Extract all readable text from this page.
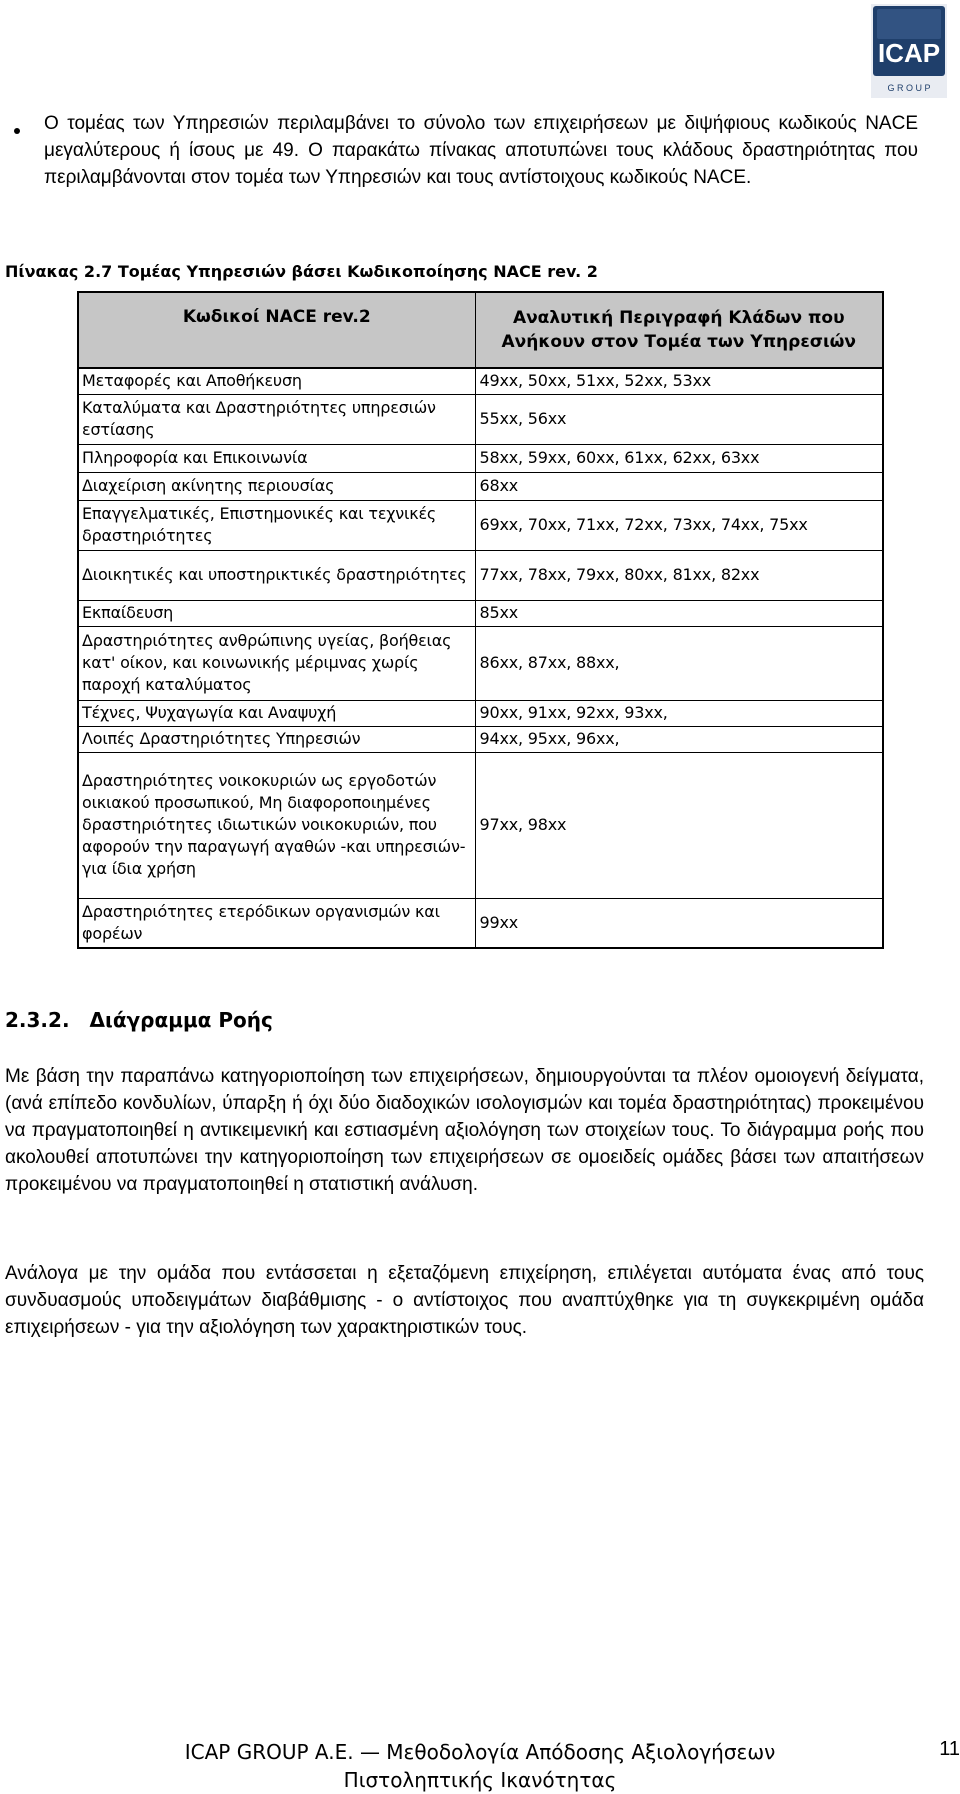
ICAP
G R O U P

Ο τομέας των Υπηρεσιών περιλαμβάνει το σύνολο των επιχειρήσεων με διψήφιους κωδικούς NACE μεγαλύτερους ή ίσους με 49. Ο παρακάτω πίνακας αποτυπώνει τους κλάδους δραστηριότητας που περιλαμβάνονται στον τομέα των Υπηρεσιών και τους αντίστοιχους κωδικούς NACE.

Πίνακας 2.7 Τομέας Υπηρεσιών βάσει Κωδικοποίησης NACE rev. 2
Κωδικοί NACE rev.2	Αναλυτική Περιγραφή Κλάδων που Ανήκουν στον Τομέα των Υπηρεσιών
Μεταφορές και Αποθήκευση	49xx, 50xx, 51xx, 52xx, 53xx
Καταλύματα και Δραστηριότητες υπηρεσιών εστίασης	55xx, 56xx
Πληροφορία και Επικοινωνία	58xx, 59xx, 60xx, 61xx, 62xx, 63xx
Διαχείριση ακίνητης περιουσίας	68xx
Επαγγελματικές, Επιστημονικές και τεχνικές δραστηριότητες	69xx, 70xx, 71xx, 72xx, 73xx, 74xx, 75xx
Διοικητικές και υποστηρικτικές δραστηριότητες	77xx, 78xx, 79xx, 80xx, 81xx, 82xx
Εκπαίδευση	85xx
Δραστηριότητες ανθρώπινης υγείας, βοήθειας κατ' οίκον, και κοινωνικής μέριμνας χωρίς παροχή καταλύματος	86xx, 87xx, 88xx,
Τέχνες, Ψυχαγωγία και Αναψυχή	90xx, 91xx, 92xx, 93xx,
Λοιπές Δραστηριότητες Υπηρεσιών	94xx, 95xx, 96xx,
Δραστηριότητες νοικοκυριών ως εργοδοτών οικιακού προσωπικού, Μη διαφοροποιημένες δραστηριότητες ιδιωτικών νοικοκυριών, που αφορούν την παραγωγή αγαθών -και υπηρεσιών- για ίδια χρήση	97xx, 98xx
Δραστηριότητες ετερόδικων οργανισμών και φορέων	99xx
2.3.2. Διάγραμμα Ροής

Με βάση την παραπάνω κατηγοριοποίηση των επιχειρήσεων, δημιουργούνται τα πλέον ομοιογενή δείγματα, (ανά επίπεδο κονδυλίων, ύπαρξη ή όχι δύο διαδοχικών ισολογισμών και τομέα δραστηριότητας) προκειμένου να πραγματοποιηθεί η αντικειμενική και εστιασμένη αξιολόγηση των στοιχείων τους. Το διάγραμμα ροής που ακολουθεί αποτυπώνει την κατηγοριοποίηση των επιχειρήσεων σε ομοειδείς ομάδες βάσει των απαιτήσεων προκειμένου να πραγματοποιηθεί η στατιστική ανάλυση.

Ανάλογα με την ομάδα που εντάσσεται η εξεταζόμενη επιχείρηση, επιλέγεται αυτόματα ένας από τους συνδυασμούς υποδειγμάτων διαβάθμισης - ο αντίστοιχος που αναπτύχθηκε για τη συγκεκριμένη ομάδα επιχειρήσεων - για την αξιολόγηση των χαρακτηριστικών τους.

ICAP GROUP A.E. — Μεθοδολογία Απόδοσης Αξιολογήσεων
Πιστοληπτικής Ικανότητας
11
